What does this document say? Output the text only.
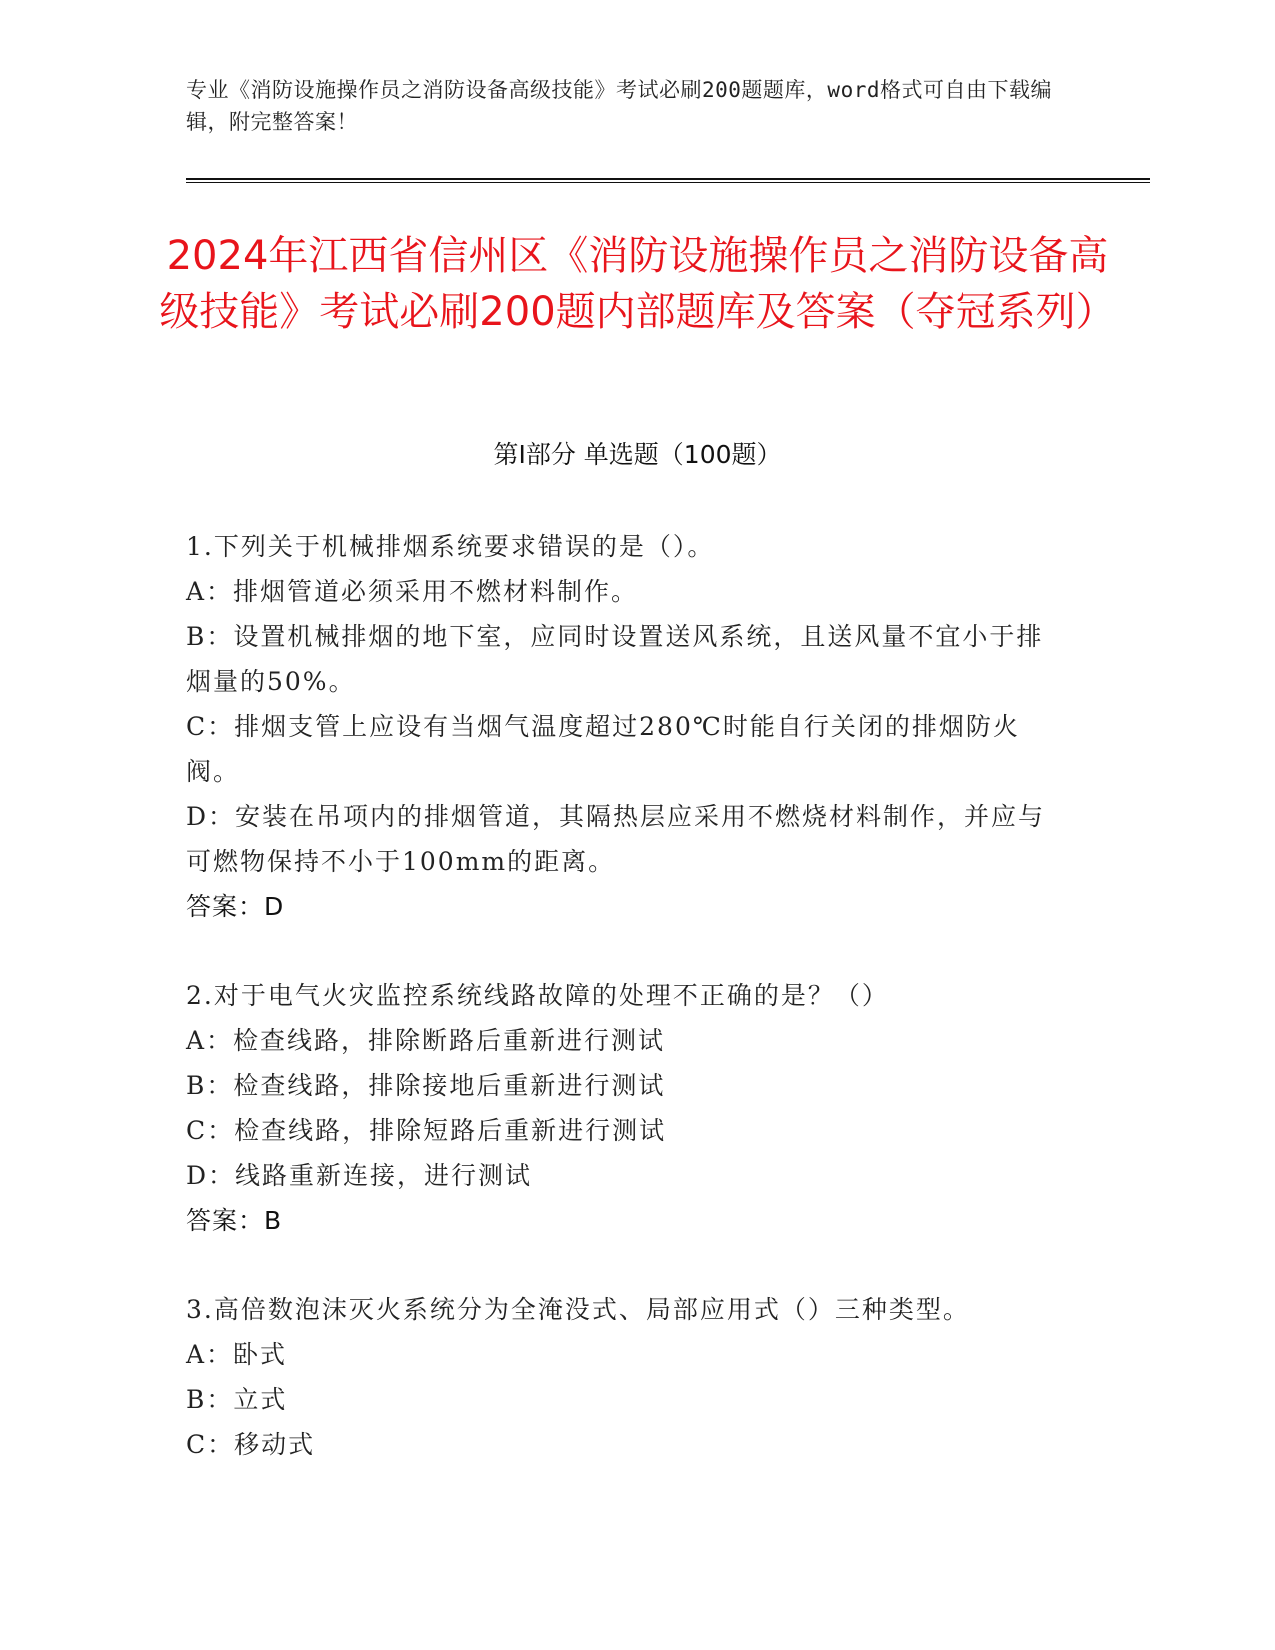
专业《消防设施操作员之消防设备高级技能》考试必刷200题题库，word格式可自由下载编辑，附完整答案！
2024年江西省信州区《消防设施操作员之消防设备高级技能》考试必刷200题内部题库及答案（夺冠系列）
第I部分 单选题（100题）
1.下列关于机械排烟系统要求错误的是（）。
A：排烟管道必须采用不燃材料制作。
B：设置机械排烟的地下室，应同时设置送风系统，且送风量不宜小于排烟量的50%。
C：排烟支管上应设有当烟气温度超过280℃时能自行关闭的排烟防火阀。
D：安装在吊项内的排烟管道，其隔热层应采用不燃烧材料制作，并应与可燃物保持不小于100mm的距离。
答案：D
2.对于电气火灾监控系统线路故障的处理不正确的是？（）
A：检查线路，排除断路后重新进行测试
B：检查线路，排除接地后重新进行测试
C：检查线路，排除短路后重新进行测试
D：线路重新连接，进行测试
答案：B
3.高倍数泡沫灭火系统分为全淹没式、局部应用式（）三种类型。
A：卧式
B：立式
C：移动式
